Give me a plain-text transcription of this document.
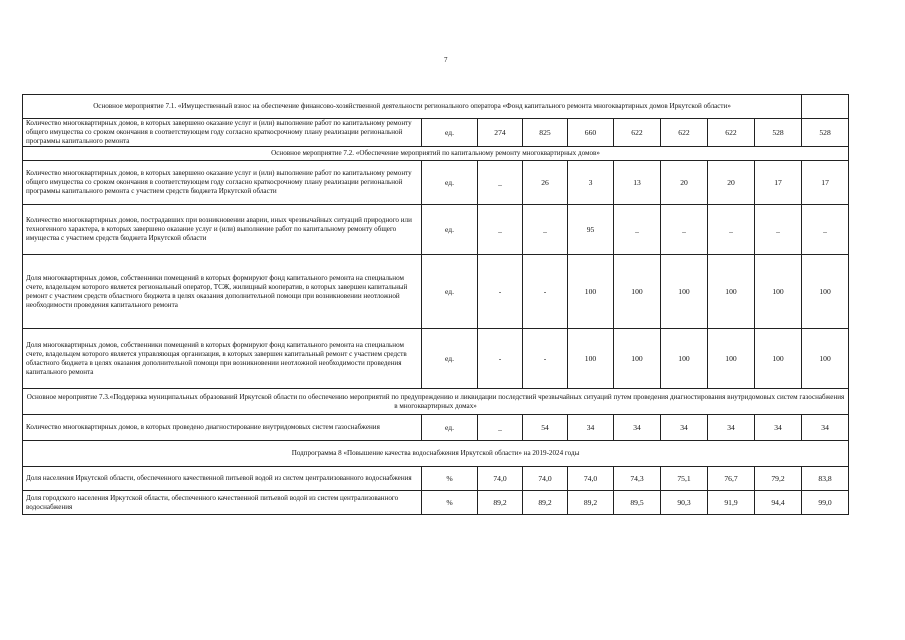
7
Основное мероприятие 7.1. «Имущественный взнос на обеспечение финансово-хозяйственной деятельности регионального оператора «Фонд капитального ремонта многоквартирных домов Иркутской области»									
Количество многоквартирных домов, в которых завершено оказание услуг и (или) выполнение работ по капитальному ремонту общего имущества со сроком окончания в соответствующем году согласно краткосрочному плану реализации региональной программы капитального ремонта	ед.	274	825	660	622	622	622	528	528
Основное мероприятие 7.2. «Обеспечение мероприятий по капитальному ремонту многоквартирных домов»									
Количество многоквартирных домов, в которых завершено оказание услуг и (или) выполнение работ по капитальному ремонту общего имущества со сроком окончания в соответствующем году согласно краткосрочному плану реализации региональной программы капитального ремонта с участием средств бюджета Иркутской области	ед.	_	26	3	13	20	20	17	17
Количество многоквартирных домов, пострадавших при возникновении аварии, иных чрезвычайных ситуаций природного или техногенного характера, в которых завершено оказание услуг и (или) выполнение работ по капитальному ремонту общего имущества с участием средств бюджета Иркутской области	ед.	_	_	95	_	_	_	_	_
Доля многоквартирных домов, собственники помещений в которых формируют фонд капитального ремонта на специальном счете, владельцем которого является региональный оператор, ТСЖ, жилищный кооператив, в которых завершен капитальный ремонт с участием средств областного бюджета в целях оказания дополнительной помощи при возникновении неотложной необходимости проведения капитального ремонта	ед.	-	-	100	100	100	100	100	100
Доля многоквартирных домов, собственники помещений в которых формируют фонд капитального ремонта на специальном счете, владельцем которого является управляющая организация, в которых завершен капитальный ремонт с участием средств областного бюджета в целях оказания дополнительной помощи при возникновении неотложной необходимости проведения капитального ремонта	ед.	-	-	100	100	100	100	100	100
Основное мероприятие 7.3.«Поддержка муниципальных образований Иркутской области по обеспечению мероприятий по предупреждению и ликвидации последствий чрезвычайных ситуаций путем проведения диагностирования внутридомовых систем газоснабжения в многоквартирных домах»									
Количество многоквартирных домов, в которых проведено диагностирование внутридомовых систем газоснабжения	ед.	_	54	34	34	34	34	34	34
Подпрограмма 8 «Повышение качества водоснабжения Иркутской области» на 2019-2024 годы									
Доля населения Иркутской области, обеспеченного качественной питьевой водой из систем централизованного водоснабжения	%	74,0	74,0	74,0	74,3	75,1	76,7	79,2	83,8
Доля городского населения Иркутской области, обеспеченного качественной питьевой водой из систем централизованного водоснабжения	%	89,2	89,2	89,2	89,5	90,3	91,9	94,4	99,0
